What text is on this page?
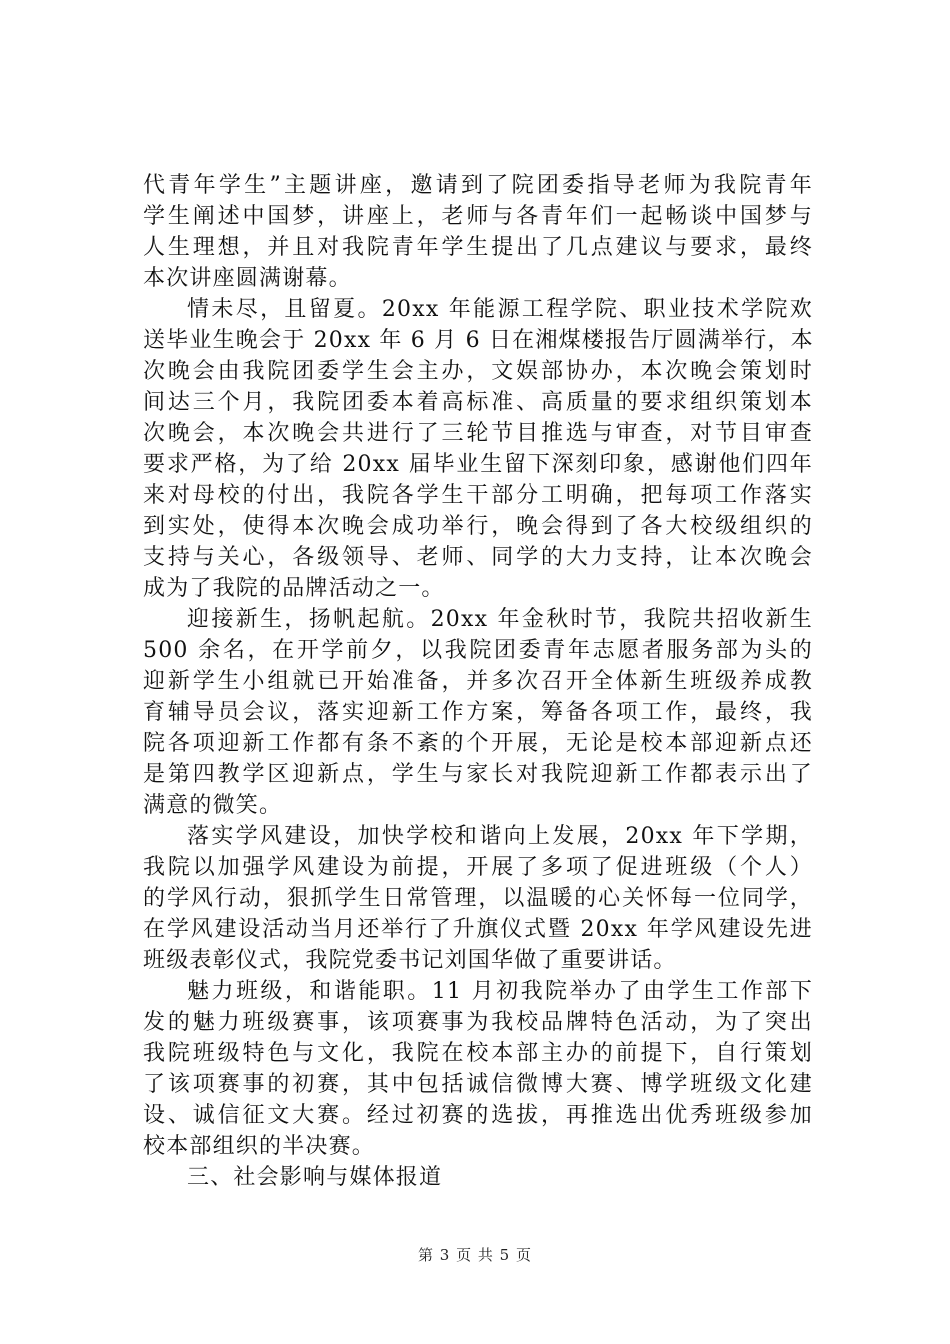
代青年学生”主题讲座，邀请到了院团委指导老师为我院青年
学生阐述中国梦，讲座上，老师与各青年们一起畅谈中国梦与
人生理想，并且对我院青年学生提出了几点建议与要求，最终
本次讲座圆满谢幕。
情未尽，且留夏。20xx 年能源工程学院、职业技术学院欢
送毕业生晚会于 20xx 年 6 月 6 日在湘煤楼报告厅圆满举行，本
次晚会由我院团委学生会主办，文娱部协办，本次晚会策划时
间达三个月，我院团委本着高标准、高质量的要求组织策划本
次晚会，本次晚会共进行了三轮节目推选与审查，对节目审查
要求严格，为了给 20xx 届毕业生留下深刻印象，感谢他们四年
来对母校的付出，我院各学生干部分工明确，把每项工作落实
到实处，使得本次晚会成功举行，晚会得到了各大校级组织的
支持与关心，各级领导、老师、同学的大力支持，让本次晚会
成为了我院的品牌活动之一。
迎接新生，扬帆起航。20xx 年金秋时节，我院共招收新生
500 余名，在开学前夕，以我院团委青年志愿者服务部为头的
迎新学生小组就已开始准备，并多次召开全体新生班级养成教
育辅导员会议，落实迎新工作方案，筹备各项工作，最终，我
院各项迎新工作都有条不紊的个开展，无论是校本部迎新点还
是第四教学区迎新点，学生与家长对我院迎新工作都表示出了
满意的微笑。
落实学风建设，加快学校和谐向上发展，20xx 年下学期，
我院以加强学风建设为前提，开展了多项了促进班级（个人）
的学风行动，狠抓学生日常管理，以温暖的心关怀每一位同学，
在学风建设活动当月还举行了升旗仪式暨 20xx 年学风建设先进
班级表彰仪式，我院党委书记刘国华做了重要讲话。
魅力班级，和谐能职。11 月初我院举办了由学生工作部下
发的魅力班级赛事，该项赛事为我校品牌特色活动，为了突出
我院班级特色与文化，我院在校本部主办的前提下，自行策划
了该项赛事的初赛，其中包括诚信微博大赛、博学班级文化建
设、诚信征文大赛。经过初赛的选拔，再推选出优秀班级参加
校本部组织的半决赛。
三、社会影响与媒体报道
第 3 页 共 5 页
